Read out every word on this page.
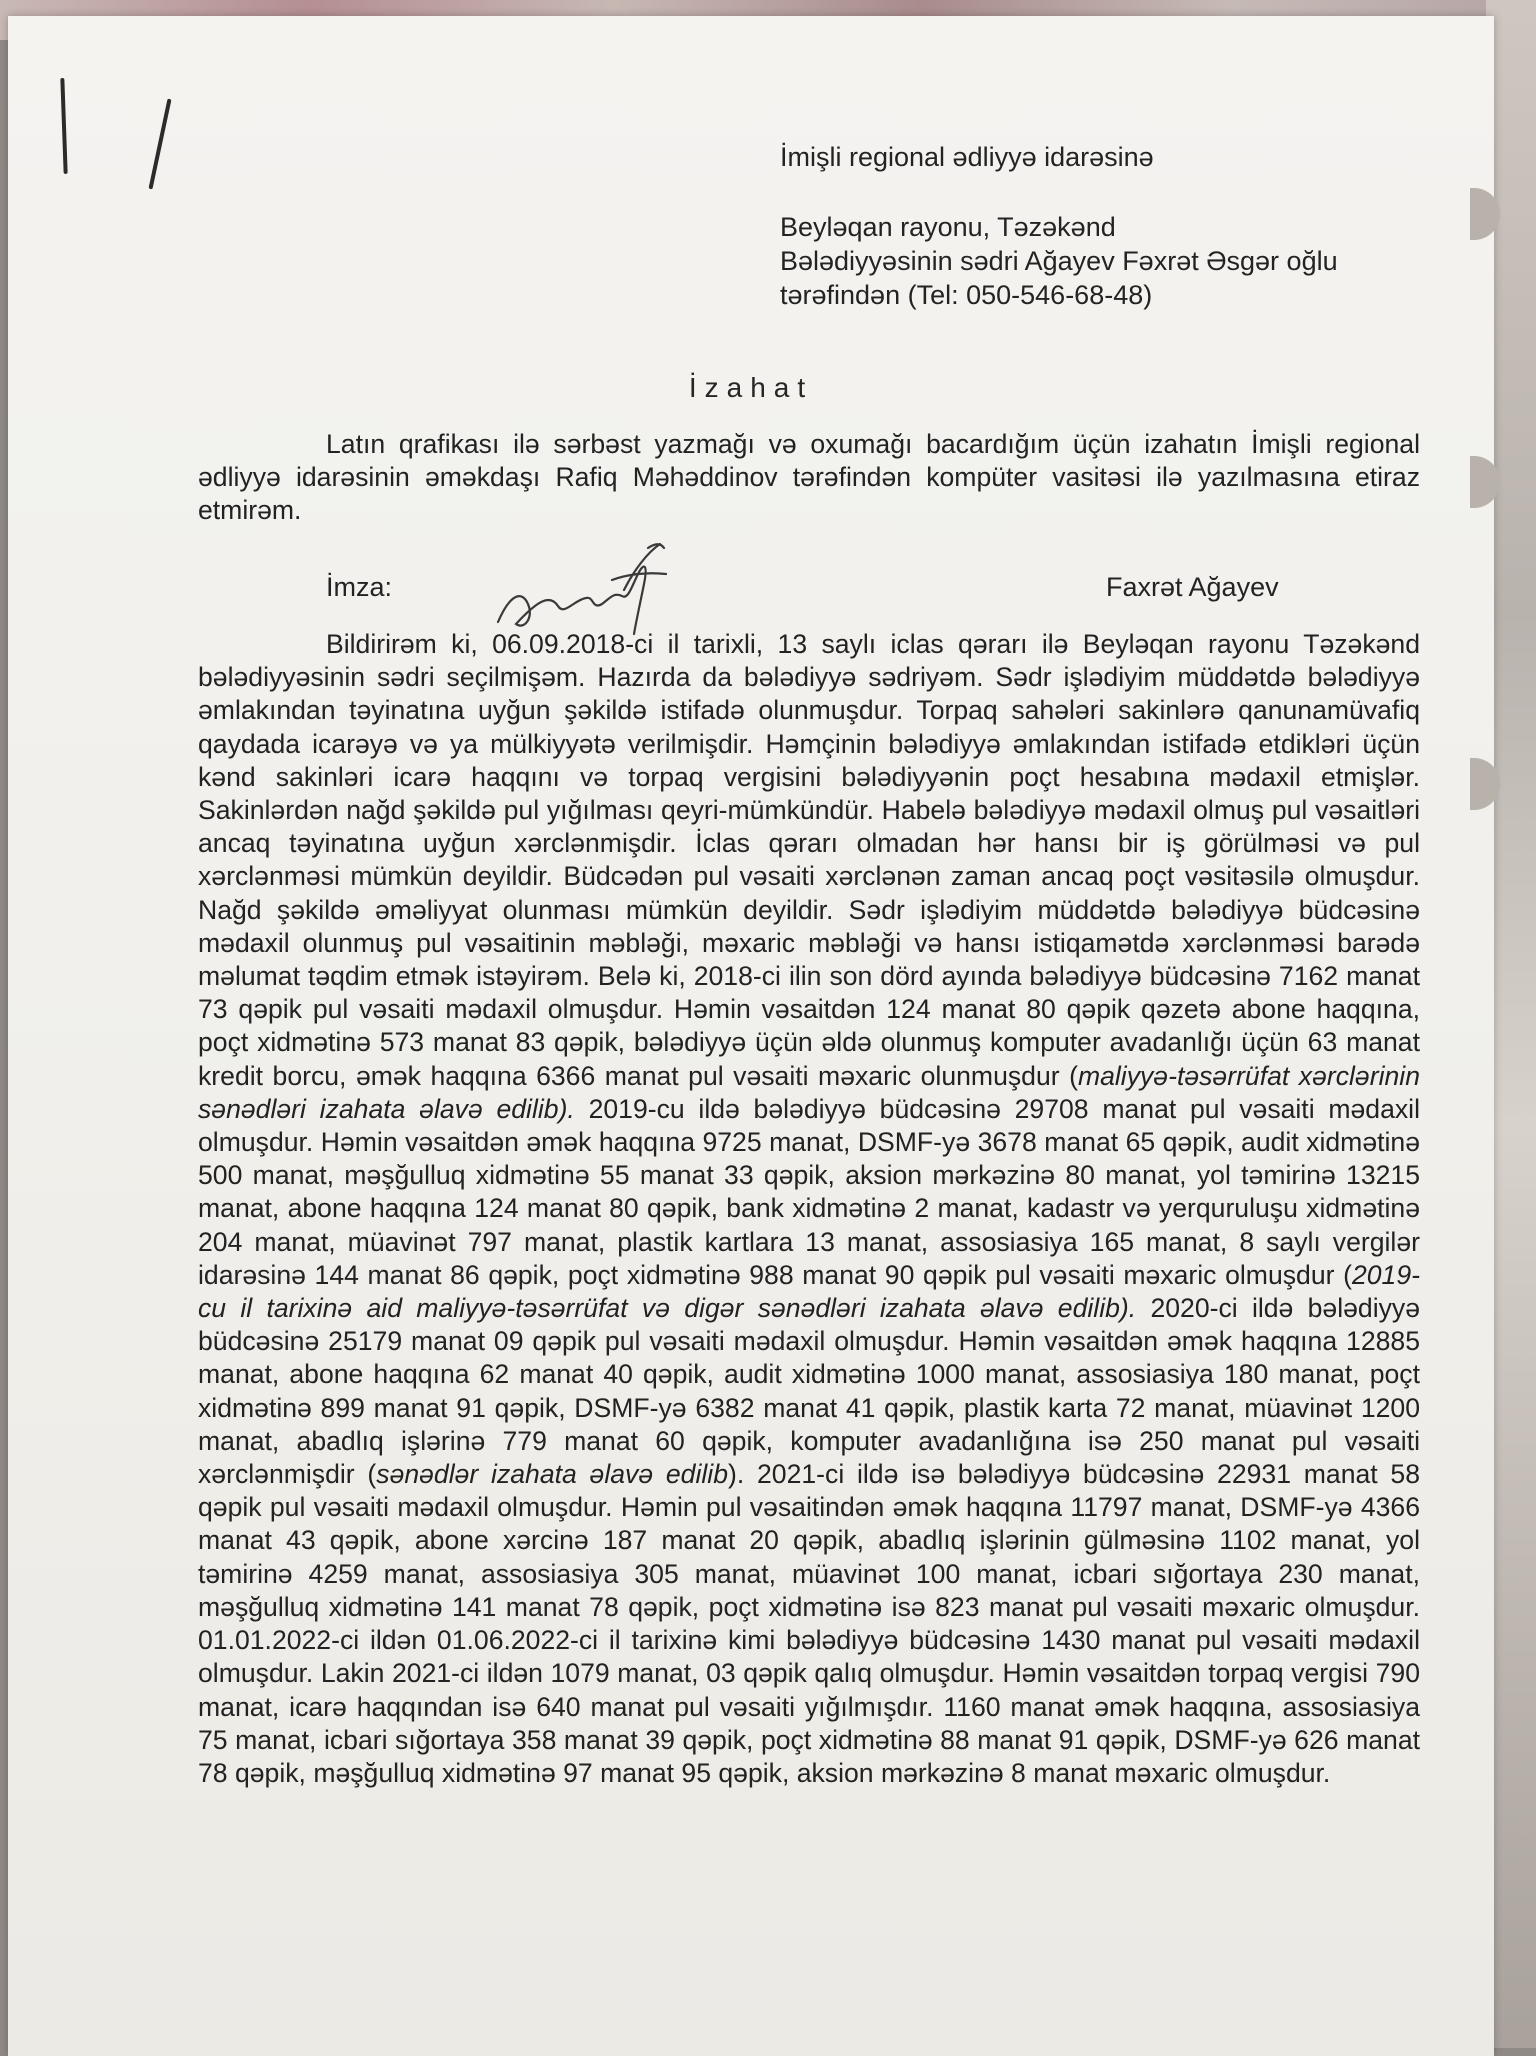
İmişli regional ədliyyə idarəsinə
Beyləqan rayonu, Təzəkənd
Bələdiyyəsinin sədri Ağayev Fəxrət Əsgər oğlu
tərəfindən (Tel: 050-546-68-48)
İzahat
Latın qrafikası ilə sərbəst yazmağı və oxumağı bacardığım üçün izahatın İmişli regional ədliyyə idarəsinin əməkdaşı Rafiq Məhəddinov tərəfindən kompüter vasitəsi ilə yazılmasına etiraz etmirəm.
İmza:	Faxrət Ağayev
Bildirirəm ki, 06.09.2018-ci il tarixli, 13 saylı iclas qərarı ilə Beyləqan rayonu Təzəkənd bələdiyyəsinin sədri seçilmişəm. Hazırda da bələdiyyə sədriyəm. Sədr işlədiyim müddətdə bələdiyyə əmlakından təyinatına uyğun şəkildə istifadə olunmuşdur. Torpaq sahələri sakinlərə qanunamüvafiq qaydada icarəyə və ya mülkiyyətə verilmişdir. Həmçinin bələdiyyə əmlakından istifadə etdikləri üçün kənd sakinləri icarə haqqını və torpaq vergisini bələdiyyənin poçt hesabına mədaxil etmişlər. Sakinlərdən nağd şəkildə pul yığılması qeyri-mümkündür. Habelə bələdiyyə mədaxil olmuş pul vəsaitləri ancaq təyinatına uyğun xərclənmişdir. İclas qərarı olmadan hər hansı bir iş görülməsi və pul xərclənməsi mümkün deyildir. Büdcədən pul vəsaiti xərclənən zaman ancaq poçt vəsitəsilə olmuşdur. Nağd şəkildə əməliyyat olunması mümkün deyildir. Sədr işlədiyim müddətdə bələdiyyə büdcəsinə mədaxil olunmuş pul vəsaitinin məbləği, məxaric məbləği və hansı istiqamətdə xərclənməsi barədə məlumat təqdim etmək istəyirəm. Belə ki, 2018-ci ilin son dörd ayında bələdiyyə büdcəsinə 7162 manat 73 qəpik pul vəsaiti mədaxil olmuşdur. Həmin vəsaitdən 124 manat 80 qəpik qəzetə abone haqqına, poçt xidmətinə 573 manat 83 qəpik, bələdiyyə üçün əldə olunmuş komputer avadanlığı üçün 63 manat kredit borcu, əmək haqqına 6366 manat pul vəsaiti məxaric olunmuşdur (maliyyə-təsərrüfat xərclərinin sənədləri izahata əlavə edilib). 2019-cu ildə bələdiyyə büdcəsinə 29708 manat pul vəsaiti mədaxil olmuşdur. Həmin vəsaitdən əmək haqqına 9725 manat, DSMF-yə 3678 manat 65 qəpik, audit xidmətinə 500 manat, məşğulluq xidmətinə 55 manat 33 qəpik, aksion mərkəzinə 80 manat, yol təmirinə 13215 manat, abone haqqına 124 manat 80 qəpik, bank xidmətinə 2 manat, kadastr və yerquruluşu xidmətinə 204 manat, müavinət 797 manat, plastik kartlara 13 manat, assosiasiya 165 manat, 8 saylı vergilər idarəsinə 144 manat 86 qəpik, poçt xidmətinə 988 manat 90 qəpik pul vəsaiti məxaric olmuşdur (2019-cu il tarixinə aid maliyyə-təsərrüfat və digər sənədləri izahata əlavə edilib). 2020-ci ildə bələdiyyə büdcəsinə 25179 manat 09 qəpik pul vəsaiti mədaxil olmuşdur. Həmin vəsaitdən əmək haqqına 12885 manat, abone haqqına 62 manat 40 qəpik, audit xidmətinə 1000 manat, assosiasiya 180 manat, poçt xidmətinə 899 manat 91 qəpik, DSMF-yə 6382 manat 41 qəpik, plastik karta 72 manat, müavinət 1200 manat, abadlıq işlərinə 779 manat 60 qəpik, komputer avadanlığına isə 250 manat pul vəsaiti xərclənmişdir (sənədlər izahata əlavə edilib). 2021-ci ildə isə bələdiyyə büdcəsinə 22931 manat 58 qəpik pul vəsaiti mədaxil olmuşdur. Həmin pul vəsaitindən əmək haqqına 11797 manat, DSMF-yə 4366 manat 43 qəpik, abone xərcinə 187 manat 20 qəpik, abadlıq işlərinin gülməsinə 1102 manat, yol təmirinə 4259 manat, assosiasiya 305 manat, müavinət 100 manat, icbari sığortaya 230 manat, məşğulluq xidmətinə 141 manat 78 qəpik, poçt xidmətinə isə 823 manat pul vəsaiti məxaric olmuşdur. 01.01.2022-ci ildən 01.06.2022-ci il tarixinə kimi bələdiyyə büdcəsinə 1430 manat pul vəsaiti mədaxil olmuşdur. Lakin 2021-ci ildən 1079 manat, 03 qəpik qalıq olmuşdur. Həmin vəsaitdən torpaq vergisi 790 manat, icarə haqqından isə 640 manat pul vəsaiti yığılmışdır. 1160 manat əmək haqqına, assosiasiya 75 manat, icbari sığortaya 358 manat 39 qəpik, poçt xidmətinə 88 manat 91 qəpik, DSMF-yə 626 manat 78 qəpik, məşğulluq xidmətinə 97 manat 95 qəpik, aksion mərkəzinə 8 manat məxaric olmuşdur.
